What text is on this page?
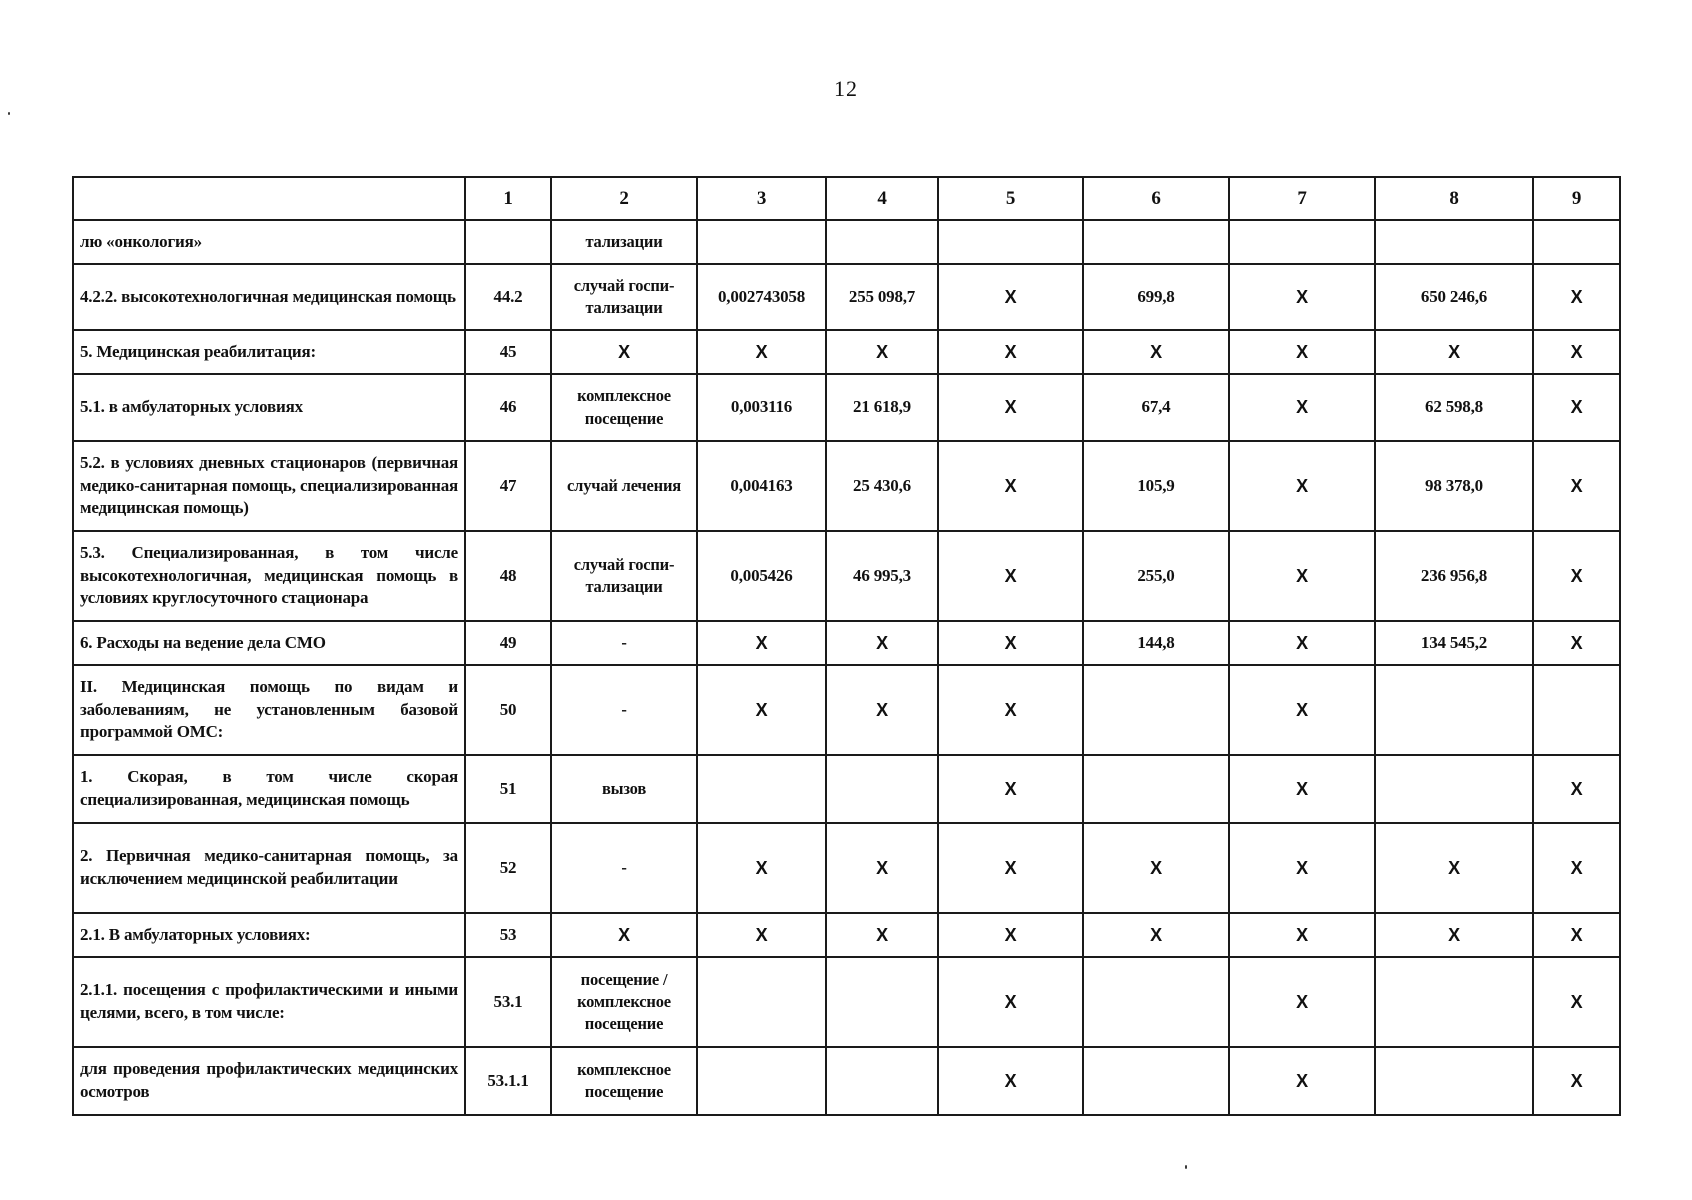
12
	1	2	3	4	5	6	7	8	9
лю «онкология»		тализации							
4.2.2. высокотехнологичная медицинская помощь	44.2	случай госпи-тализации	0,002743058	255 098,7	X	699,8	X	650 246,6	X
5. Медицинская реабилитация:	45	X	X	X	X	X	X	X	X
5.1. в амбулаторных условиях	46	комплексное посещение	0,003116	21 618,9	X	67,4	X	62 598,8	X
5.2. в условиях дневных стационаров (первичная медико-санитарная помощь, специализированная медицинская помощь)	47	случай лечения	0,004163	25 430,6	X	105,9	X	98 378,0	X
5.3. Специализированная, в том числе высокотехнологичная, медицинская помощь в условиях круглосуточного стационара	48	случай госпи-тализации	0,005426	46 995,3	X	255,0	X	236 956,8	X
6. Расходы на ведение дела СМО	49	-	X	X	X	144,8	X	134 545,2	X
II. Медицинская помощь по видам и заболеваниям, не установленным базовой программой ОМС:	50	-	X	X	X		X		
1. Скорая, в том числе скорая специализированная, медицинская помощь	51	вызов			X		X		X
2. Первичная медико-санитарная помощь, за исключением медицинской реабилитации	52	-	X	X	X	X	X	X	X
2.1. В амбулаторных условиях:	53	X	X	X	X	X	X	X	X
2.1.1. посещения с профилактическими и иными целями, всего, в том числе:	53.1	посещение / комплексное посещение			X		X		X
для проведения профилактических медицинских осмотров	53.1.1	комплексное посещение			X		X		X
